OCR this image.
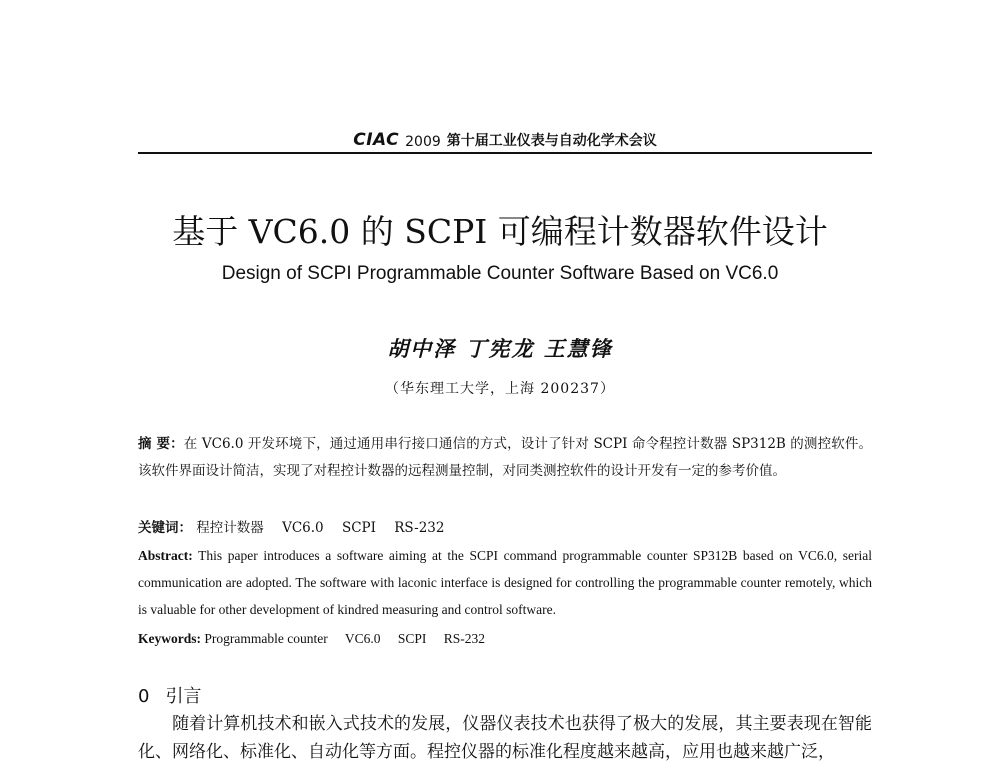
CIAC 2009 第十届工业仪表与自动化学术会议
基于 VC6.0 的 SCPI 可编程计数器软件设计
Design of SCPI Programmable Counter Software Based on VC6.0
胡中泽 丁宪龙 王慧锋
（华东理工大学，上海 200237）
摘 要：在 VC6.0 开发环境下，通过通用串行接口通信的方式，设计了针对 SCPI 命令程控计数器 SP312B 的测控软件。该软件界面设计简洁，实现了对程控计数器的远程测量控制，对同类测控软件的设计开发有一定的参考价值。
关键词： 程控计数器 VC6.0 SCPI RS-232
Abstract: This paper introduces a software aiming at the SCPI command programmable counter SP312B based on VC6.0, serial communication are adopted. The software with laconic interface is designed for controlling the programmable counter remotely, which is valuable for other development of kindred measuring and control software.
Keywords: Programmable counter VC6.0 SCPI RS-232
0 引言
随着计算机技术和嵌入式技术的发展，仪器仪表技术也获得了极大的发展，其主要表现在智能化、网络化、标准化、自动化等方面。程控仪器的标准化程度越来越高，应用也越来越广泛，
